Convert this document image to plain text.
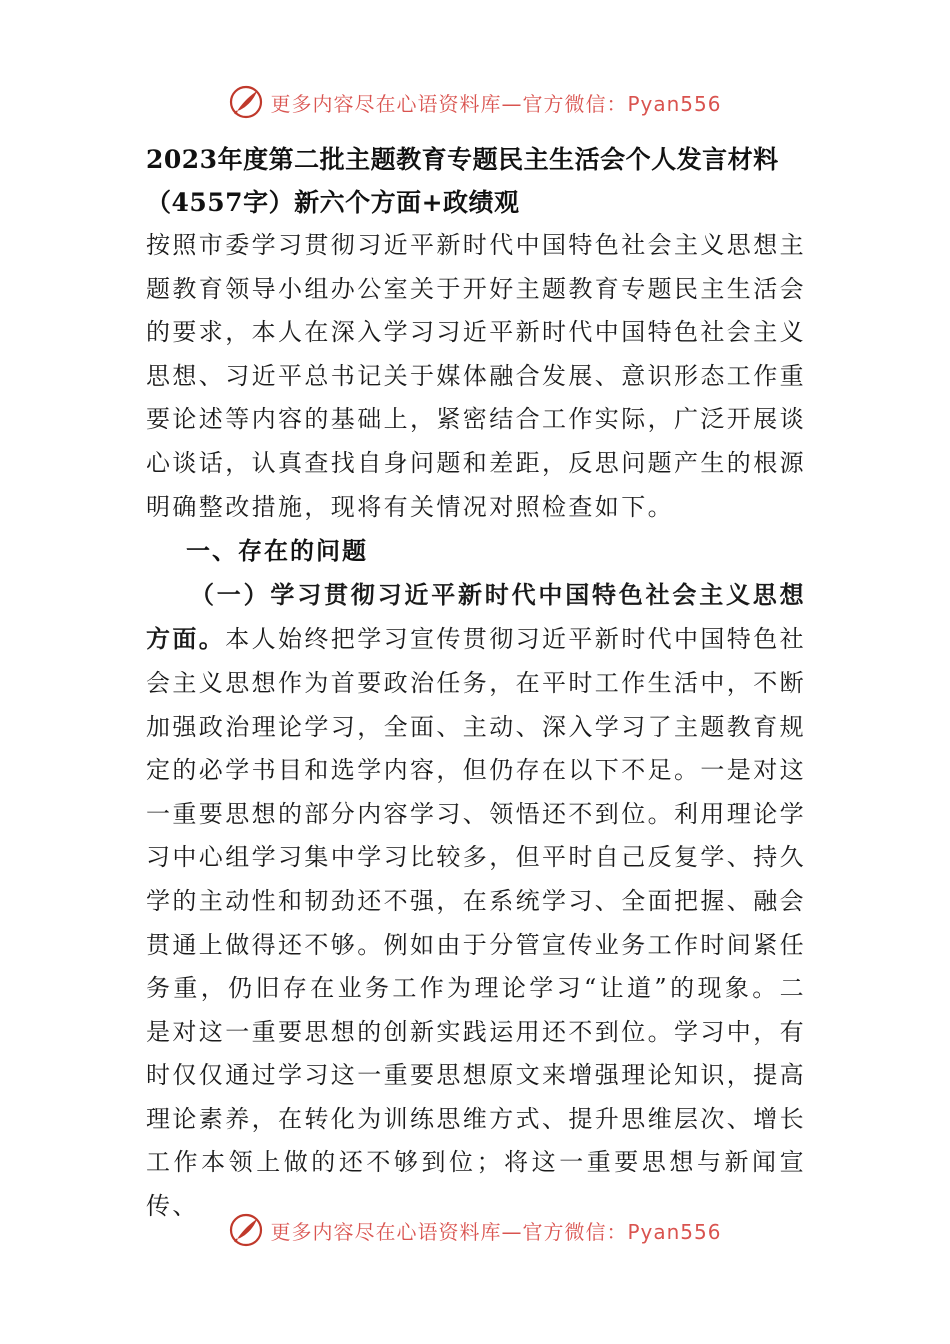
更多内容尽在心语资料库—官方微信：Pyan556

2023年度第二批主题教育专题民主生活会个人发言材料

（4557字）新六个方面+政绩观

按照市委学习贯彻习近平新时代中国特色社会主义思想主题教育领导小组办公室关于开好主题教育专题民主生活会的要求，本人在深入学习习近平新时代中国特色社会主义思想、习近平总书记关于媒体融合发展、意识形态工作重要论述等内容的基础上，紧密结合工作实际，广泛开展谈心谈话，认真查找自身问题和差距，反思问题产生的根源明确整改措施，现将有关情况对照检查如下。

一、存在的问题

（一）学习贯彻习近平新时代中国特色社会主义思想方面。本人始终把学习宣传贯彻习近平新时代中国特色社会主义思想作为首要政治任务，在平时工作生活中，不断加强政治理论学习，全面、主动、深入学习了主题教育规定的必学书目和选学内容，但仍存在以下不足。一是对这一重要思想的部分内容学习、领悟还不到位。利用理论学习中心组学习集中学习比较多，但平时自己反复学、持久学的主动性和韧劲还不强，在系统学习、全面把握、融会贯通上做得还不够。例如由于分管宣传业务工作时间紧任务重，仍旧存在业务工作为理论学习“让道”的现象。二是对这一重要思想的创新实践运用还不到位。学习中，有时仅仅通过学习这一重要思想原文来增强理论知识，提高理论素养，在转化为训练思维方式、提升思维层次、增长工作本领上做的还不够到位；将这一重要思想与新闻宣传、

更多内容尽在心语资料库—官方微信：Pyan556
